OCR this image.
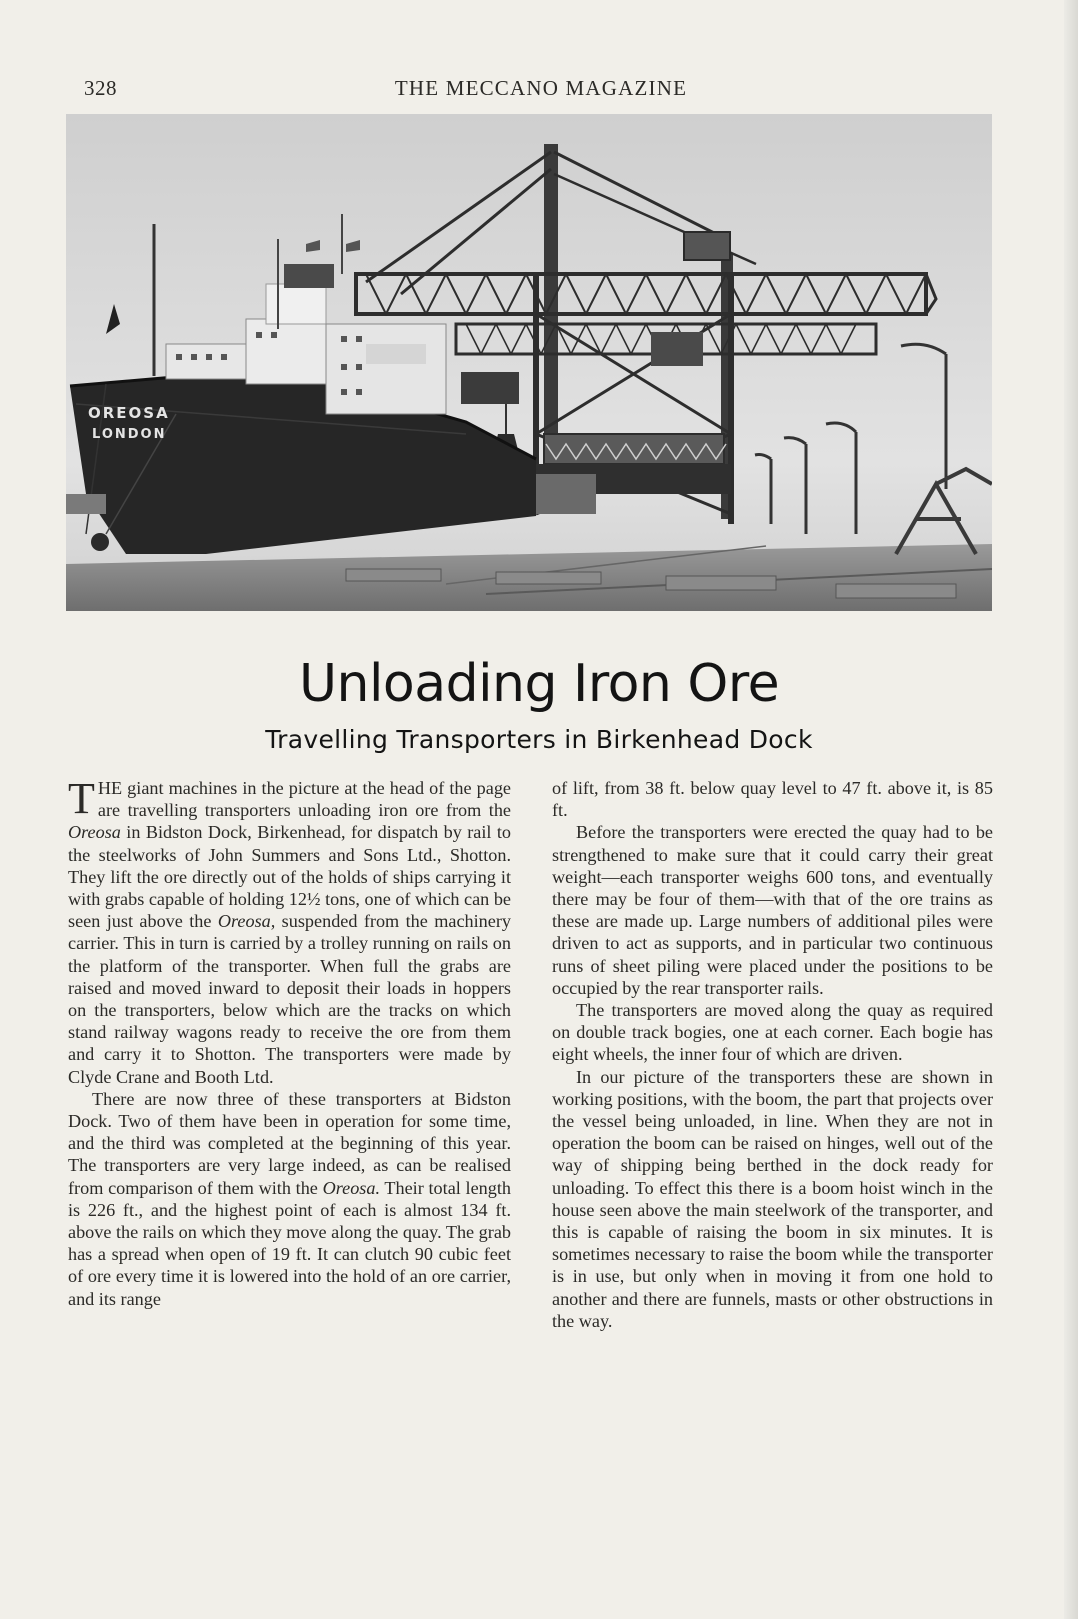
328	THE MECCANO MAGAZINE
OREOSA
LONDON
Unloading Iron Ore
Travelling Transporters in Birkenhead Dock

THE giant machines in the picture at the head of the page are travelling transporters unloading iron ore from the Oreosa in Bidston Dock, Birkenhead, for dispatch by rail to the steelworks of John Summers and Sons Ltd., Shotton. They lift the ore directly out of the holds of ships carrying it with grabs capable of holding 12½ tons, one of which can be seen just above the Oreosa, suspended from the machinery carrier. This in turn is carried by a trolley running on rails on the platform of the transporter. When full the grabs are raised and moved inward to deposit their loads in hoppers on the transporters, below which are the tracks on which stand railway wagons ready to receive the ore from them and carry it to Shotton. The transporters were made by Clyde Crane and Booth Ltd.

There are now three of these transporters at Bidston Dock. Two of them have been in operation for some time, and the third was completed at the beginning of this year. The transporters are very large indeed, as can be realised from comparison of them with the Oreosa. Their total length is 226 ft., and the highest point of each is almost 134 ft. above the rails on which they move along the quay. The grab has a spread when open of 19 ft. It can clutch 90 cubic feet of ore every time it is lowered into the hold of an ore carrier, and its range

of lift, from 38 ft. below quay level to 47 ft. above it, is 85 ft.

Before the transporters were erected the quay had to be strengthened to make sure that it could carry their great weight—each transporter weighs 600 tons, and eventually there may be four of them—with that of the ore trains as these are made up. Large numbers of additional piles were driven to act as supports, and in particular two continuous runs of sheet piling were placed under the positions to be occupied by the rear transporter rails.

The transporters are moved along the quay as required on double track bogies, one at each corner. Each bogie has eight wheels, the inner four of which are driven.

In our picture of the transporters these are shown in working positions, with the boom, the part that projects over the vessel being unloaded, in line. When they are not in operation the boom can be raised on hinges, well out of the way of shipping being berthed in the dock ready for unloading. To effect this there is a boom hoist winch in the house seen above the main steelwork of the transporter, and this is capable of raising the boom in six minutes. It is sometimes necessary to raise the boom while the transporter is in use, but only when in moving it from one hold to another and there are funnels, masts or other obstructions in the way.
